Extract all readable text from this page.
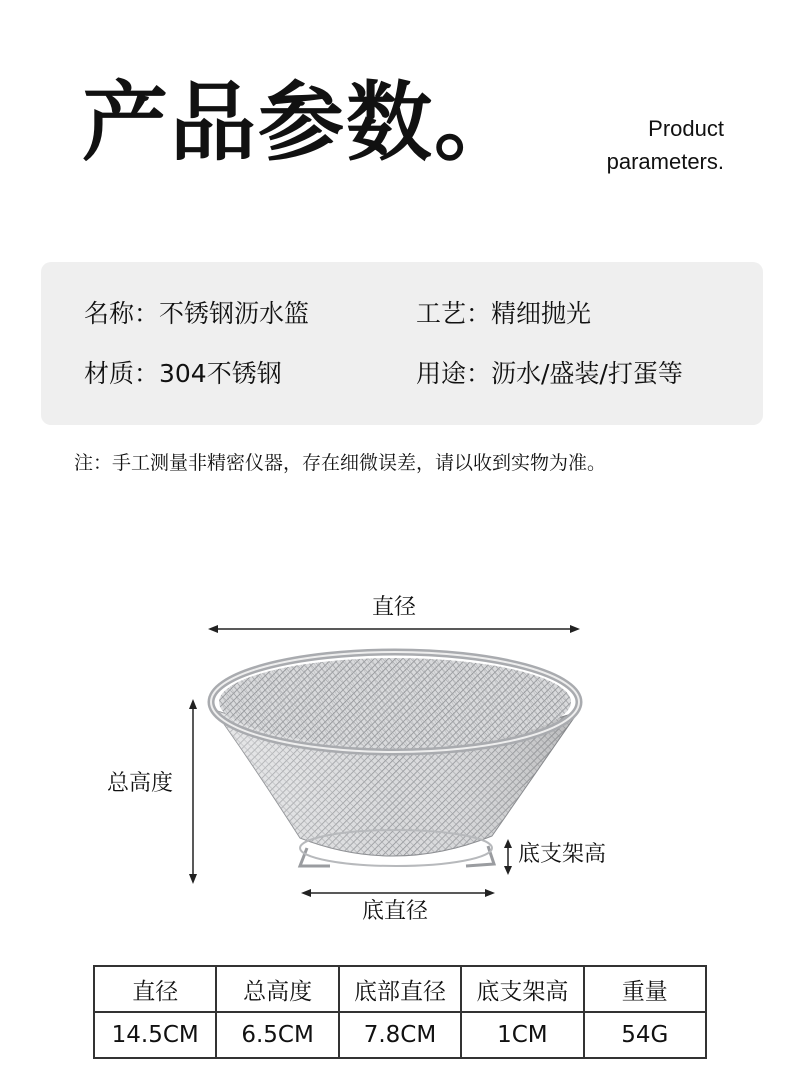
产品参数。	Product
parameters.
名称：不锈钢沥水篮	工艺：精细抛光
材质：304不锈钢	用途：沥水/盛装/打蛋等
注：手工测量非精密仪器，存在细微误差，请以收到实物为准。
直径
总高度
底支架高
底直径
直径	总高度	底部直径	底支架高	重量
14.5CM	6.5CM	7.8CM	1CM	54G
